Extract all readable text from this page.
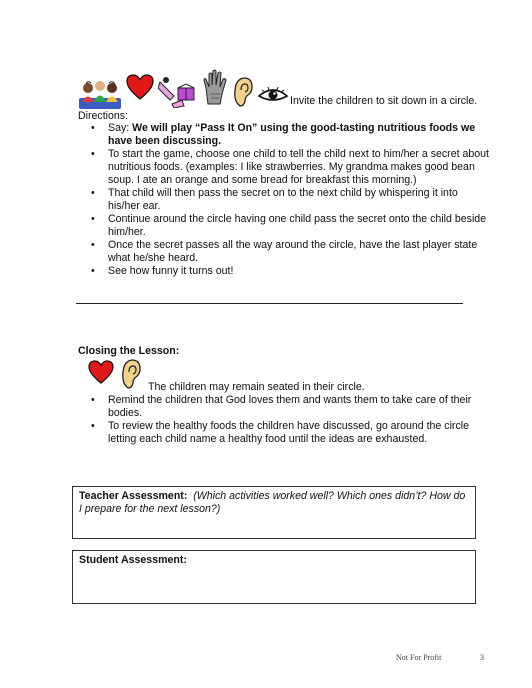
Invite the children to sit down in a circle.
Directions:
• Say: We will play “Pass It On” using the good-tasting nutritious foods we have been discussing.
• To start the game, choose one child to tell the child next to him/her a secret about nutritious foods. (examples: I like strawberries. My grandma makes good bean soup. I ate an orange and some bread for breakfast this morning.)
• That child will then pass the secret on to the next child by whispering it into his/her ear.
• Continue around the circle having one child pass the secret onto the child beside him/her.
• Once the secret passes all the way around the circle, have the last player state what he/she heard.
• See how funny it turns out!
Closing the Lesson:
The children may remain seated in their circle.
• Remind the children that God loves them and wants them to take care of their bodies.
• To review the healthy foods the children have discussed, go around the circle letting each child name a healthy food until the ideas are exhausted.
Teacher Assessment: (Which activities worked well? Which ones didn’t? How do I prepare for the next lesson?)
Student Assessment:
Not For Profit	3
